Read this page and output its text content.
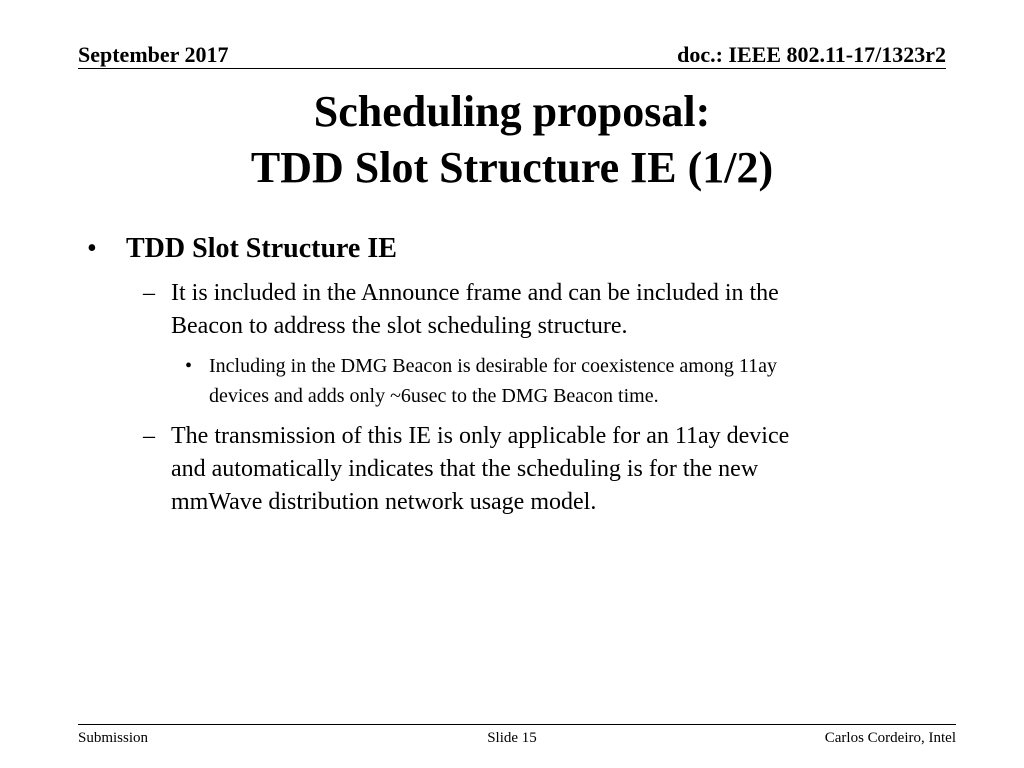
September 2017	doc.: IEEE 802.11-17/1323r2
Scheduling proposal:
TDD Slot Structure IE (1/2)
• TDD Slot Structure IE
– It is included in the Announce frame and can be included in the
Beacon to address the slot scheduling structure.
• Including in the DMG Beacon is desirable for coexistence among 11ay
devices and adds only ~6usec to the DMG Beacon time.
– The transmission of this IE is only applicable for an 11ay device
and automatically indicates that the scheduling is for the new
mmWave distribution network usage model.
Submission	Slide 15	Carlos Cordeiro, Intel
